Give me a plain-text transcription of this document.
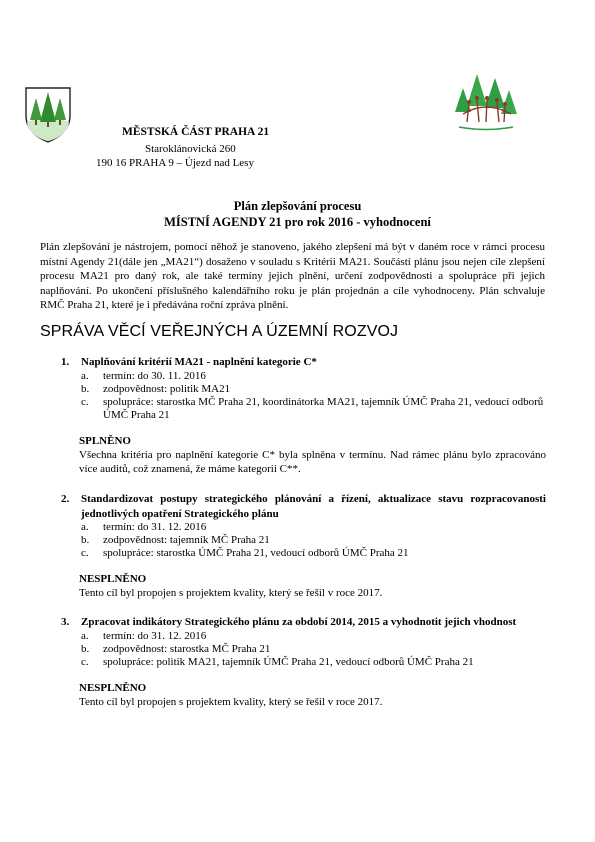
MĚSTSKÁ ČÁST PRAHA 21
Staroklánovická 260
190 16 PRAHA 9 – Újezd nad Lesy
Plán zlepšování procesu
MÍSTNÍ AGENDY 21 pro rok 2016 - vyhodnocení
Plán zlepšování je nástrojem, pomocí něhož je stanoveno, jakého zlepšení má být v daném roce v rámci procesu místní Agendy 21(dále jen „MA21“) dosaženo v souladu s Kritérii MA21. Součástí plánu jsou nejen cíle zlepšení procesu MA21 pro daný rok, ale také termíny jejich plnění, určení zodpovědnosti a spolupráce při jejich naplňování. Po ukončení příslušného kalendářního roku je plán projednán a cíle vyhodnoceny. Plán schvaluje RMČ Praha 21, které je i předávána roční zpráva plnění.
SPRÁVA VĚCÍ VEŘEJNÝCH A ÚZEMNÍ ROZVOJ
1.	Naplňování kritérií MA21 - naplnění kategorie C*
a.	termín: do 30. 11. 2016
b.	zodpovědnost: politik MA21
c.	spolupráce: starostka MČ Praha 21, koordinátorka MA21, tajemník ÚMČ Praha 21, vedoucí odborů ÚMČ Praha 21
SPLNĚNO
Všechna kritéria pro naplnění kategorie C* byla splněna v termínu. Nad rámec plánu bylo zpracováno více auditů, což znamená, že máme kategorii C**.
2.	Standardizovat postupy strategického plánování a řízení, aktualizace stavu rozpracovanosti jednotlivých opatření Strategického plánu
a.	termín: do 31. 12. 2016
b.	zodpovědnost: tajemník MČ Praha 21
c.	spolupráce: starostka ÚMČ Praha 21, vedoucí odborů ÚMČ Praha 21
NESPLNĚNO
Tento cíl byl propojen s projektem kvality, který se řešil v roce 2017.
3.	Zpracovat indikátory Strategického plánu za období 2014, 2015 a vyhodnotit jejich vhodnost
a.	termín: do 31. 12. 2016
b.	zodpovědnost: starostka MČ Praha 21
c.	spolupráce: politik MA21, tajemník ÚMČ Praha 21, vedoucí odborů ÚMČ Praha 21
NESPLNĚNO
Tento cíl byl propojen s projektem kvality, který se řešil v roce 2017.
